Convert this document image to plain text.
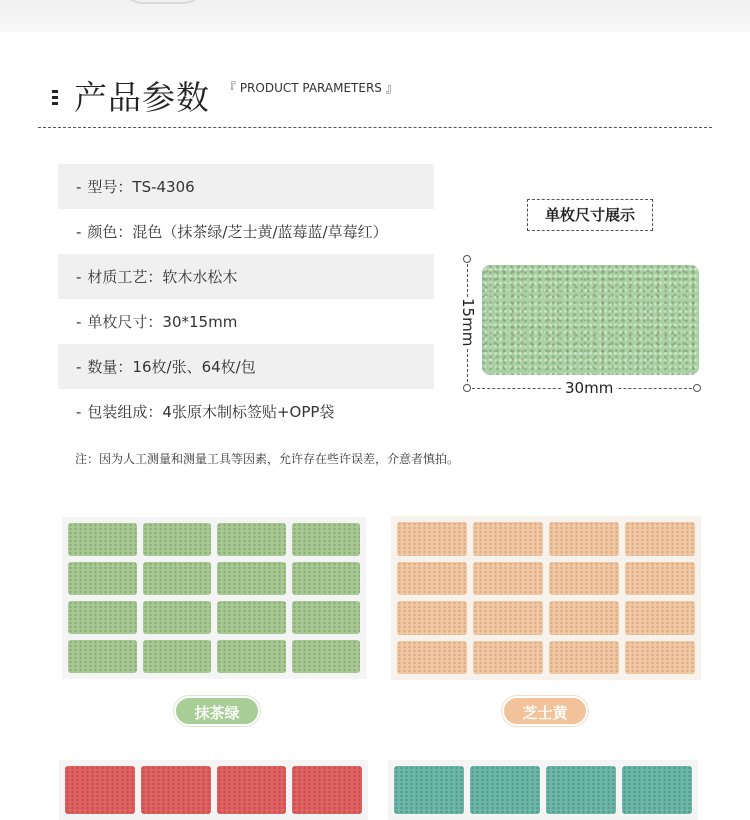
产品参数 『 PRODUCT PARAMETERS 』
- 型号：TS-4306
- 颜色：混色（抹茶绿/芝士黄/蓝莓蓝/草莓红）
- 材质工艺：软木水松木
- 单枚尺寸：30*15mm
- 数量：16枚/张、64枚/包
- 包装组成：4张原木制标签贴+OPP袋
单枚尺寸展示
15mm
30mm
注：因为人工测量和测量工具等因素，允许存在些许误差，介意者慎拍。
抹茶绿	芝士黄
